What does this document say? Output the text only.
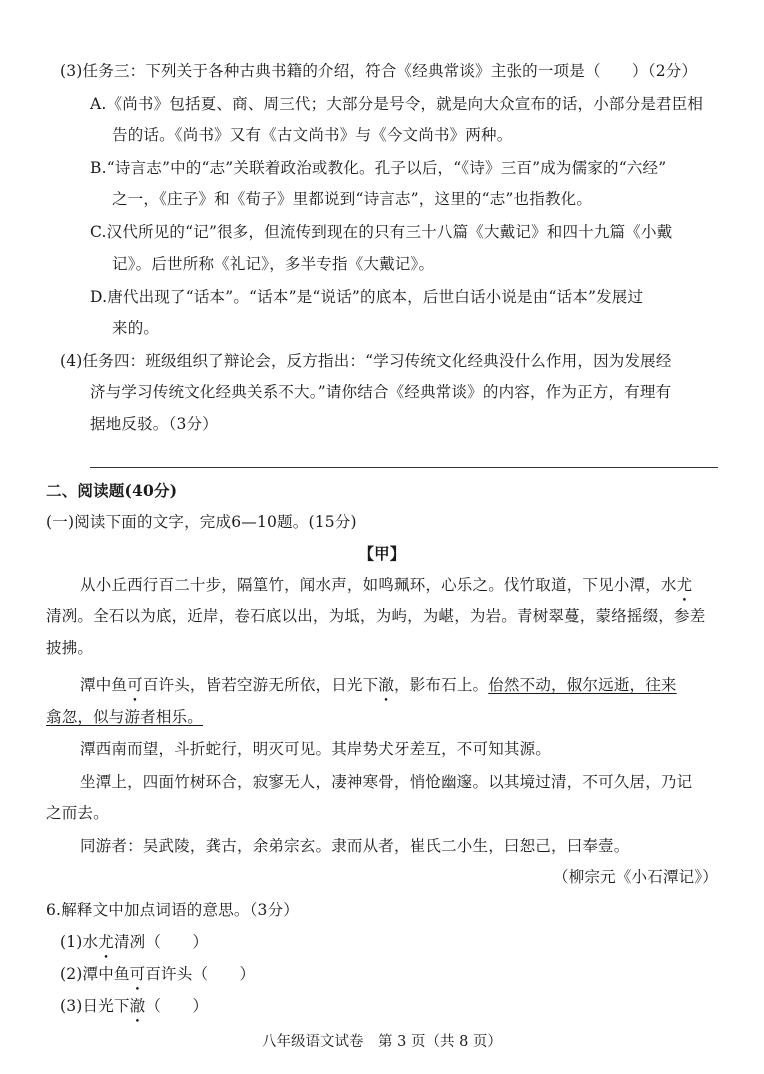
(3)任务三：下列关于各种古典书籍的介绍，符合《经典常谈》主张的一项是（　　）（2分）
A.《尚书》包括夏、商、周三代；大部分是号令，就是向大众宣布的话，小部分是君臣相
告的话。《尚书》又有《古文尚书》与《今文尚书》两种。
B.“诗言志”中的“志”关联着政治或教化。孔子以后，“《诗》三百”成为儒家的“六经”
之一，《庄子》和《荀子》里都说到“诗言志”，这里的“志”也指教化。
C.汉代所见的“记”很多，但流传到现在的只有三十八篇《大戴记》和四十九篇《小戴
记》。后世所称《礼记》，多半专指《大戴记》。
D.唐代出现了“话本”。“话本”是“说话”的底本，后世白话小说是由“话本”发展过
来的。
(4)任务四：班级组织了辩论会，反方指出：“学习传统文化经典没什么作用，因为发展经
济与学习传统文化经典关系不大。”请你结合《经典常谈》的内容，作为正方，有理有
据地反驳。（3分）
二、阅读题(40分)
(一)阅读下面的文字，完成6—10题。(15分)
【甲】
从小丘西行百二十步，隔篁竹，闻水声，如鸣珮环，心乐之。伐竹取道，下见小潭，水尤
清冽。全石以为底，近岸，卷石底以出，为坻，为屿，为嵁，为岩。青树翠蔓，蒙络摇缀，参差
披拂。
潭中鱼可百许头，皆若空游无所依，日光下澈，影布石上。佁然不动，俶尔远逝，往来
翕忽，似与游者相乐。
潭西南而望，斗折蛇行，明灭可见。其岸势犬牙差互，不可知其源。
坐潭上，四面竹树环合，寂寥无人，凄神寒骨，悄怆幽邃。以其境过清，不可久居，乃记
之而去。
同游者：吴武陵，龚古，余弟宗玄。隶而从者，崔氏二小生，曰恕己，曰奉壹。
（柳宗元《小石潭记》）
6.解释文中加点词语的意思。（3分）
(1)水尤清冽（　　）
(2)潭中鱼可百许头（　　）
(3)日光下澈（　　）
八年级语文试卷　第 3 页（共 8 页）
